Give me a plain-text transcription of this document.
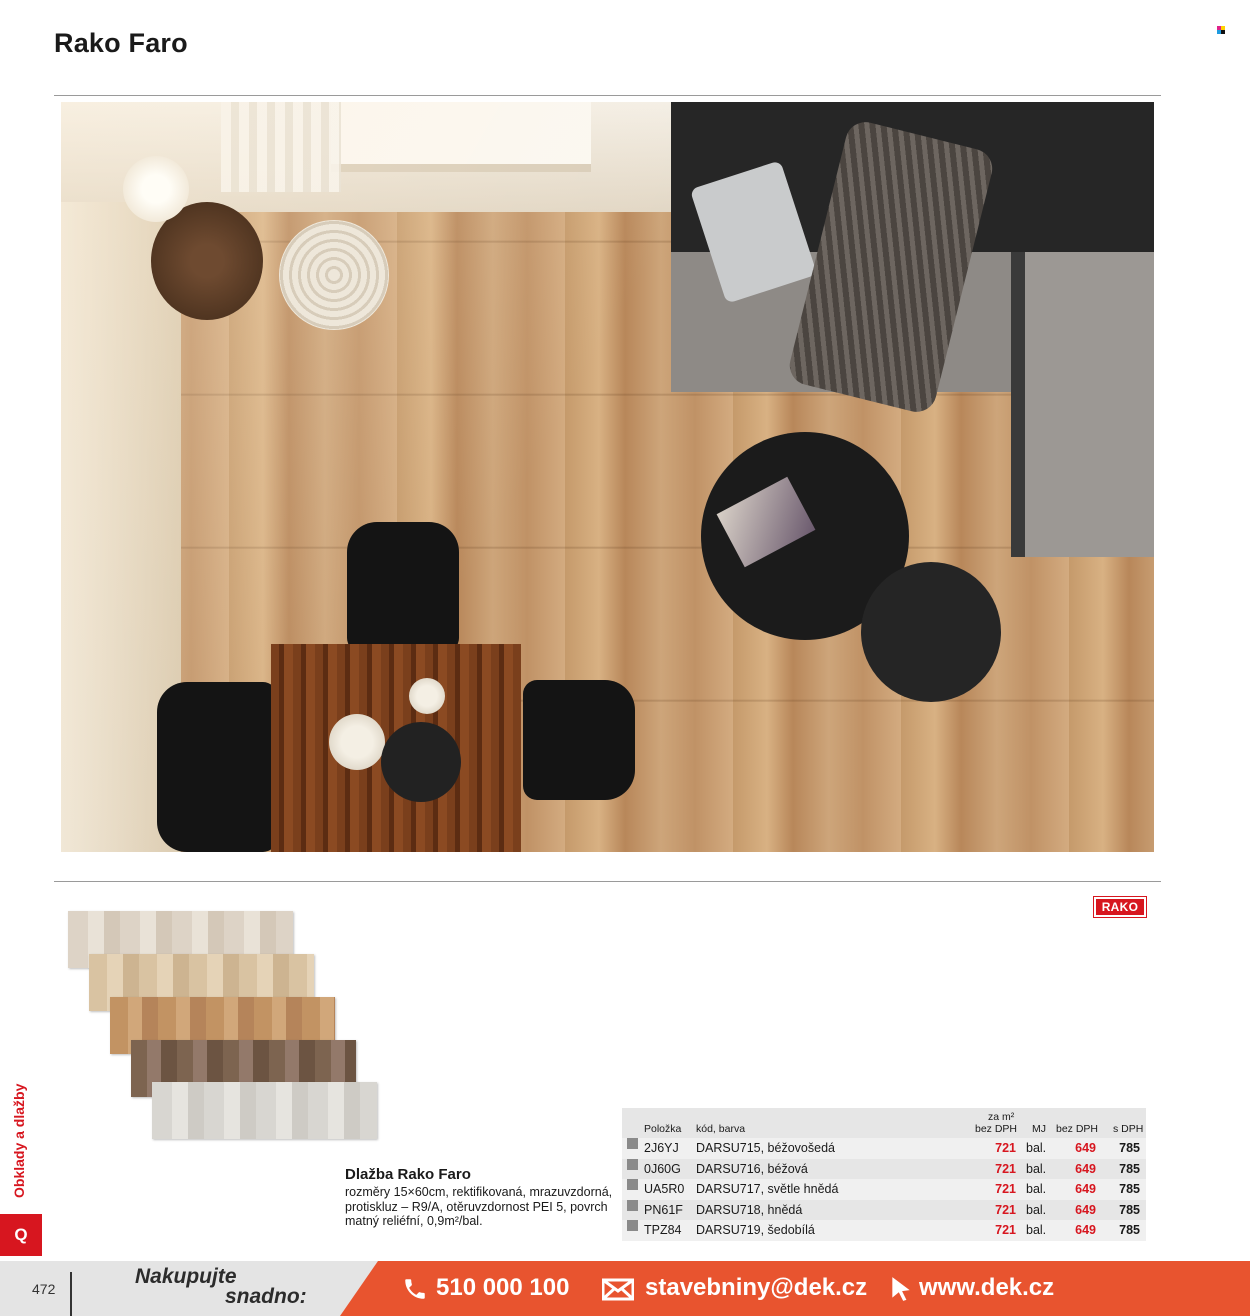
Rako Faro
RAKO
Dlažba Rako Faro
rozměry 15×60cm, rektifikovaná, mrazuvzdorná, protiskluz – R9/A, otěruvzdornost PEI 5, povrch matný reliéfní, 0,9m²/bal.
Položka kód, barva
za m²
bez DPH MJ bez DPH s DPH
2J6YJ DARSU715, béžovošedá	721 bal.	649	785
0J60G DARSU716, béžová	721 bal.	649	785
UA5R0 DARSU717, světle hnědá	721 bal.	649	785
PN61F DARSU718, hnědá	721 bal.	649	785
TPZ84 DARSU719, šedobílá	721 bal.	649	785
Obklady a dlažby
Q
472
Nakupujte
snadno:	510 000 100	stavebniny@dek.cz www.dek.cz
